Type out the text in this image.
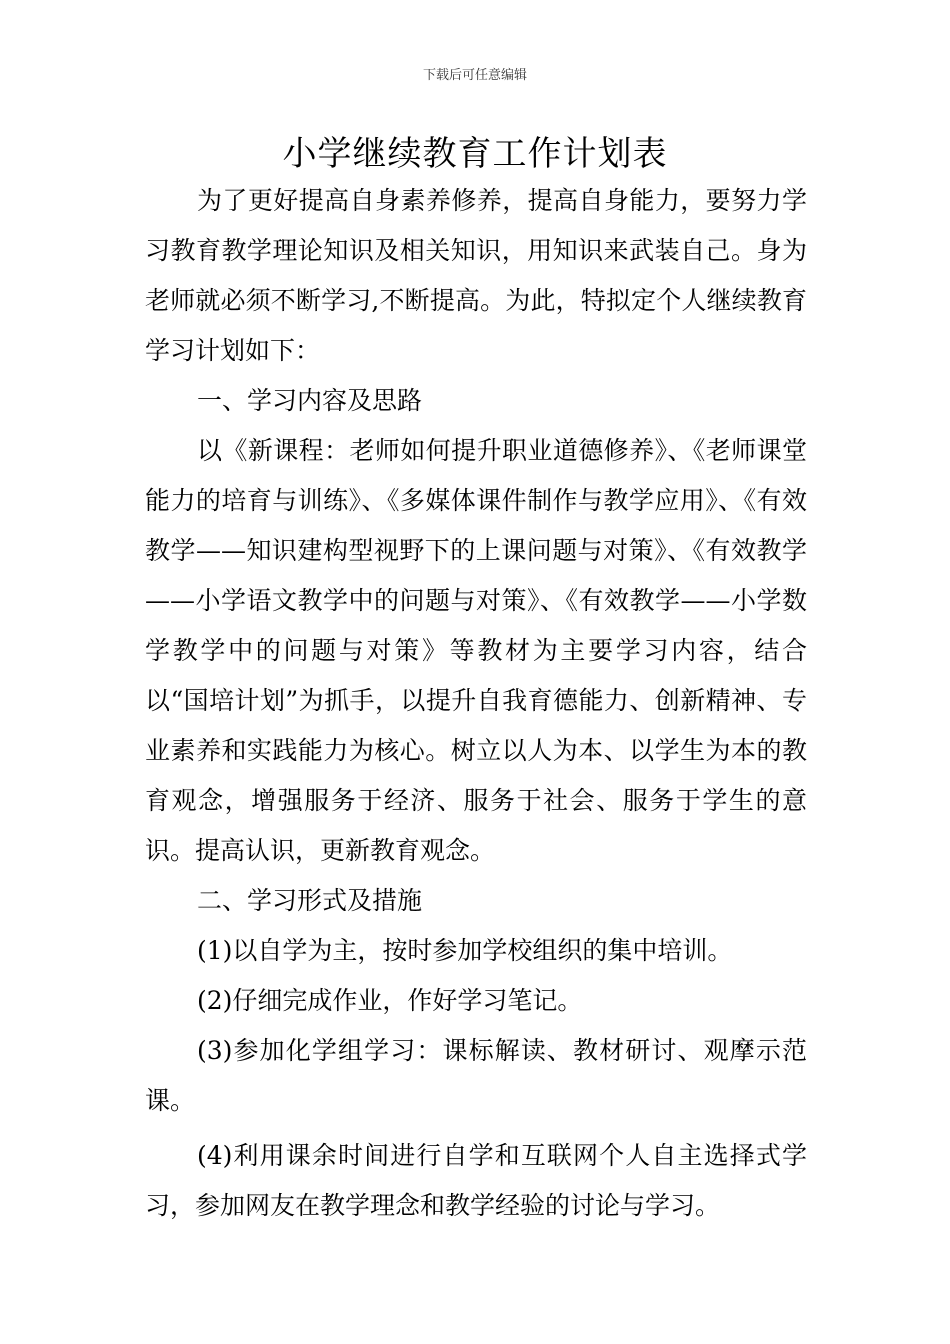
下载后可任意编辑
小学继续教育工作计划表

为了更好提高自身素养修养，提高自身能力，要努力学习教育教学理论知识及相关知识，用知识来武装自己。身为老师就必须不断学习,不断提高。为此，特拟定个人继续教育学习计划如下：

一、学习内容及思路

以《新课程：老师如何提升职业道德修养》、《老师课堂能力的培育与训练》、《多媒体课件制作与教学应用》、《有效教学——知识建构型视野下的上课问题与对策》、《有效教学——小学语文教学中的问题与对策》、《有效教学——小学数学教学中的问题与对策》等教材为主要学习内容，结合以“国培计划”为抓手，以提升自我育德能力、创新精神、专业素养和实践能力为核心。树立以人为本、以学生为本的教育观念，增强服务于经济、服务于社会、服务于学生的意识。提高认识，更新教育观念。

二、学习形式及措施

(1)以自学为主，按时参加学校组织的集中培训。

(2)仔细完成作业，作好学习笔记。

(3)参加化学组学习：课标解读、教材研讨、观摩示范课。

(4)利用课余时间进行自学和互联网个人自主选择式学习，参加网友在教学理念和教学经验的讨论与学习。
